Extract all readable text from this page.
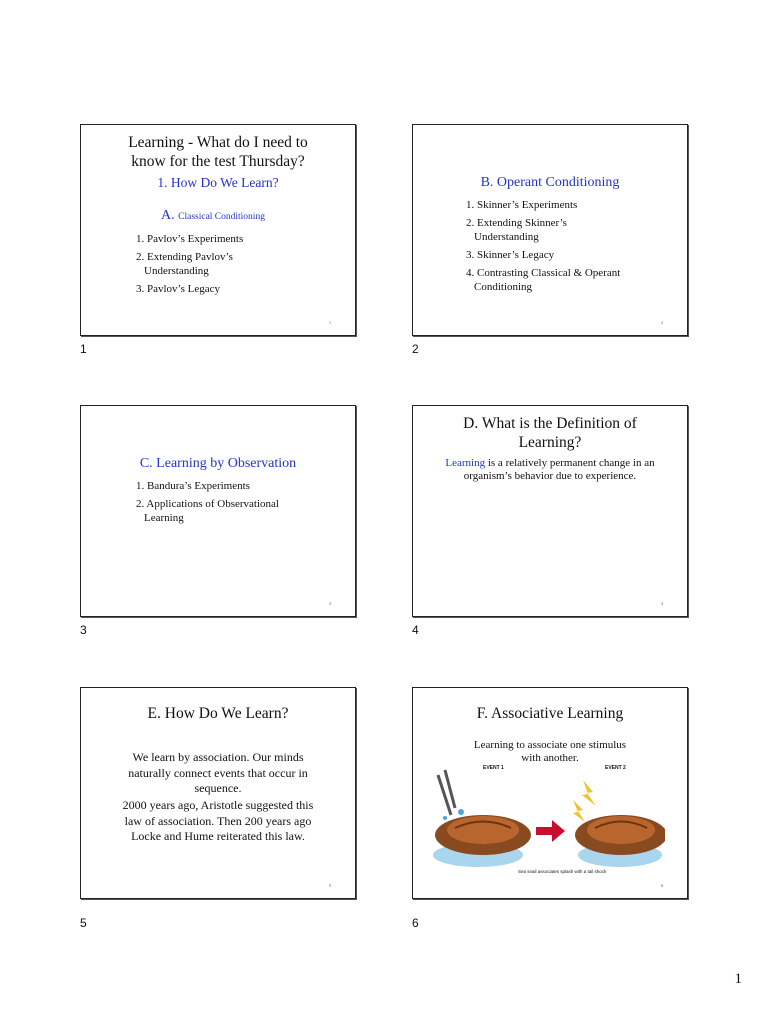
Learning - What do I need to know for the test Thursday?
1. How Do We Learn?
A. Classical Conditioning
1. Pavlov’s Experiments
2. Extending Pavlov’s
Understanding
3. Pavlov’s Legacy
1
1
B. Operant Conditioning
1. Skinner’s Experiments
2. Extending Skinner’s
Understanding
3. Skinner’s Legacy
4. Contrasting Classical & Operant
Conditioning
2
2
C. Learning by Observation
1. Bandura’s Experiments
2. Applications of Observational
Learning
3
3
D. What is the Definition of Learning?
Learning is a relatively permanent change in an organism’s behavior due to experience.
4
4
E. How Do We Learn?
We learn by association. Our minds naturally connect events that occur in sequence.
2000 years ago, Aristotle suggested this law of association. Then 200 years ago Locke and Hume reiterated this law.
5
5
F. Associative Learning
Learning to associate one stimulus with another.
EVENT 1	EVENT 2
Sea snail associates splash with a tail shock
6
6
1
